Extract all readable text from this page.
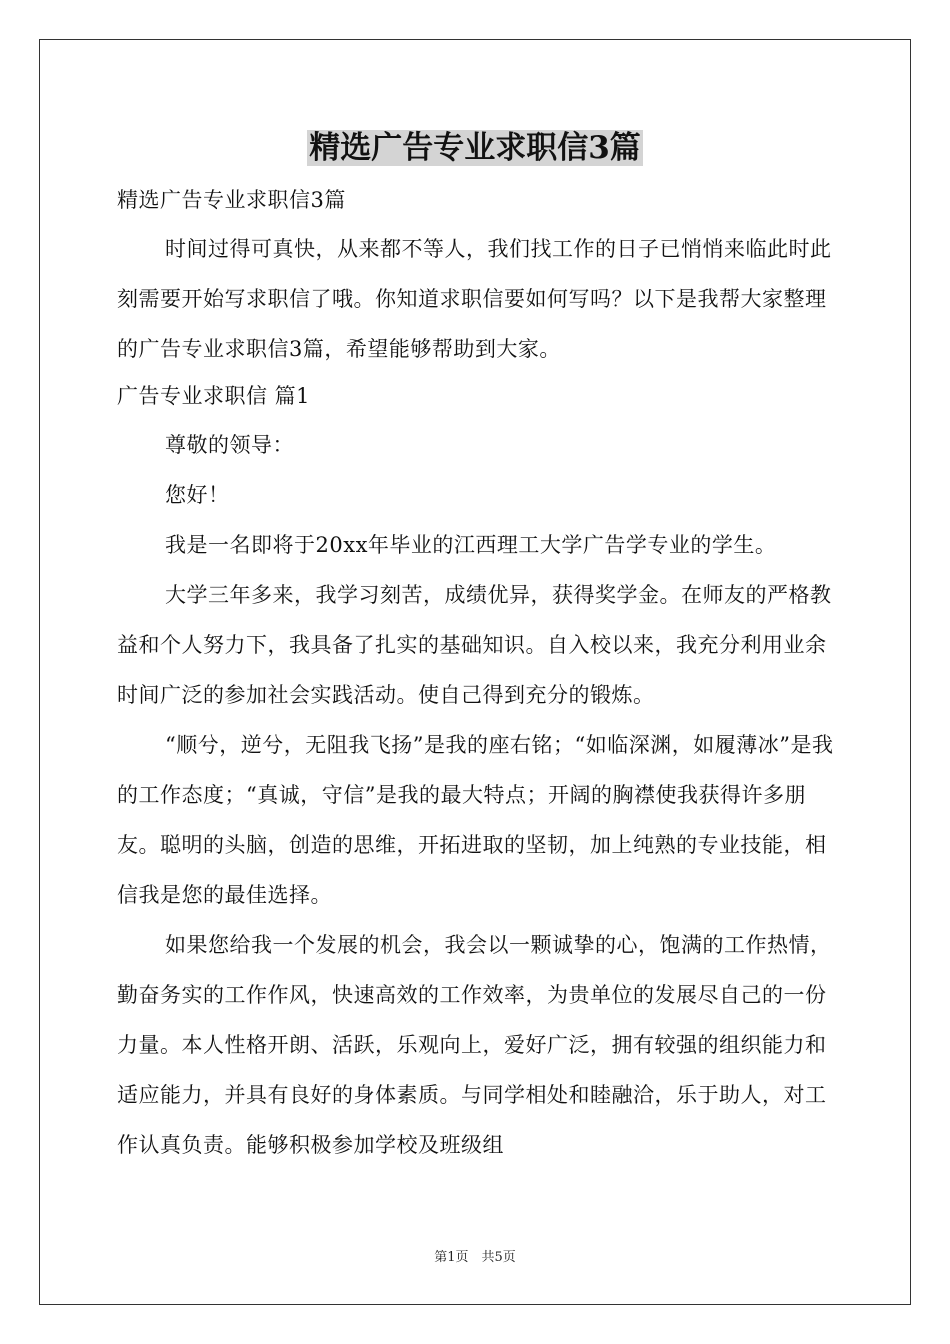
精选广告专业求职信3篇

精选广告专业求职信3篇

时间过得可真快，从来都不等人，我们找工作的日子已悄悄来临此时此刻需要开始写求职信了哦。你知道求职信要如何写吗？以下是我帮大家整理的广告专业求职信3篇，希望能够帮助到大家。

广告专业求职信 篇1

尊敬的领导：

您好！

我是一名即将于20xx年毕业的江西理工大学广告学专业的学生。

大学三年多来，我学习刻苦，成绩优异，获得奖学金。在师友的严格教益和个人努力下，我具备了扎实的基础知识。自入校以来，我充分利用业余时间广泛的参加社会实践活动。使自己得到充分的锻炼。

“顺兮，逆兮，无阻我飞扬”是我的座右铭；“如临深渊，如履薄冰”是我的工作态度；“真诚，守信”是我的最大特点；开阔的胸襟使我获得许多朋友。聪明的头脑，创造的思维，开拓进取的坚韧，加上纯熟的专业技能，相信我是您的最佳选择。

如果您给我一个发展的机会，我会以一颗诚挚的心，饱满的工作热情，勤奋务实的工作作风，快速高效的工作效率，为贵单位的发展尽自己的一份力量。本人性格开朗、活跃，乐观向上，爱好广泛，拥有较强的组织能力和适应能力，并具有良好的身体素质。与同学相处和睦融洽，乐于助人，对工作认真负责。能够积极参加学校及班级组

第1页　共5页
